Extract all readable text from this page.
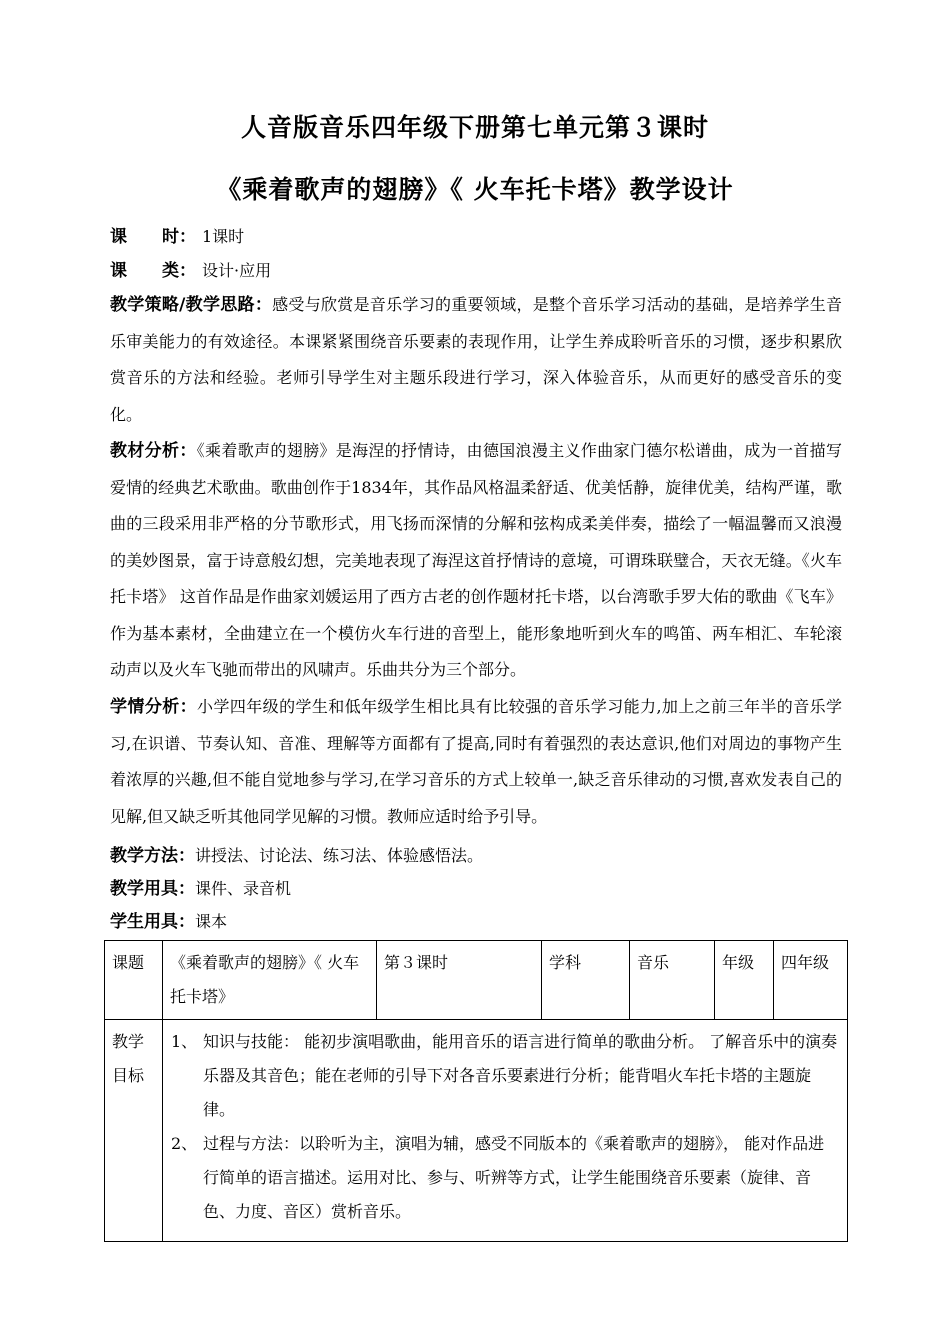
人音版音乐四年级下册第七单元第３课时
《乘着歌声的翅膀》《 火车托卡塔》教学设计
课 时： 1课时
课 类： 设计·应用
教学策略/教学思路：感受与欣赏是音乐学习的重要领域，是整个音乐学习活动的基础，是培养学生音乐审美能力的有效途径。本课紧紧围绕音乐要素的表现作用，让学生养成聆听音乐的习惯，逐步积累欣赏音乐的方法和经验。老师引导学生对主题乐段进行学习，深入体验音乐，从而更好的感受音乐的变化。
教材分析：《乘着歌声的翅膀》是海涅的抒情诗，由德国浪漫主义作曲家门德尔松谱曲，成为一首描写爱情的经典艺术歌曲。歌曲创作于1834年，其作品风格温柔舒适、优美恬静，旋律优美，结构严谨，歌曲的三段采用非严格的分节歌形式，用飞扬而深情的分解和弦构成柔美伴奏，描绘了一幅温馨而又浪漫的美妙图景，富于诗意般幻想，完美地表现了海涅这首抒情诗的意境，可谓珠联璧合，天衣无缝。《火车托卡塔》 这首作品是作曲家刘媛运用了西方古老的创作题材托卡塔，以台湾歌手罗大佑的歌曲《飞车》作为基本素材，全曲建立在一个模仿火车行进的音型上，能形象地听到火车的鸣笛、两车相汇、车轮滚动声以及火车飞驰而带出的风啸声。乐曲共分为三个部分。
学情分析：小学四年级的学生和低年级学生相比具有比较强的音乐学习能力,加上之前三年半的音乐学习,在识谱、节奏认知、音准、理解等方面都有了提高,同时有着强烈的表达意识,他们对周边的事物产生着浓厚的兴趣,但不能自觉地参与学习,在学习音乐的方式上较单一,缺乏音乐律动的习惯,喜欢发表自己的见解,但又缺乏听其他同学见解的习惯。教师应适时给予引导。
教学方法：讲授法、讨论法、练习法、体验感悟法。
教学用具：课件、录音机
学生用具：课本
课题	《乘着歌声的翅膀》《 火车托卡塔》	第３课时	学科	音乐	年级	四年级
教学目标	1、 知识与技能： 能初步演唱歌曲，能用音乐的语言进行简单的歌曲分析。 了解音乐中的演奏乐器及其音色；能在老师的引导下对各音乐要素进行分析；能背唱火车托卡塔的主题旋律。
2、 过程与方法：以聆听为主，演唱为辅，感受不同版本的《乘着歌声的翅膀》， 能对作品进行简单的语言描述。运用对比、参与、听辨等方式，让学生能围绕音乐要素（旋律、音色、力度、音区）赏析音乐。					
